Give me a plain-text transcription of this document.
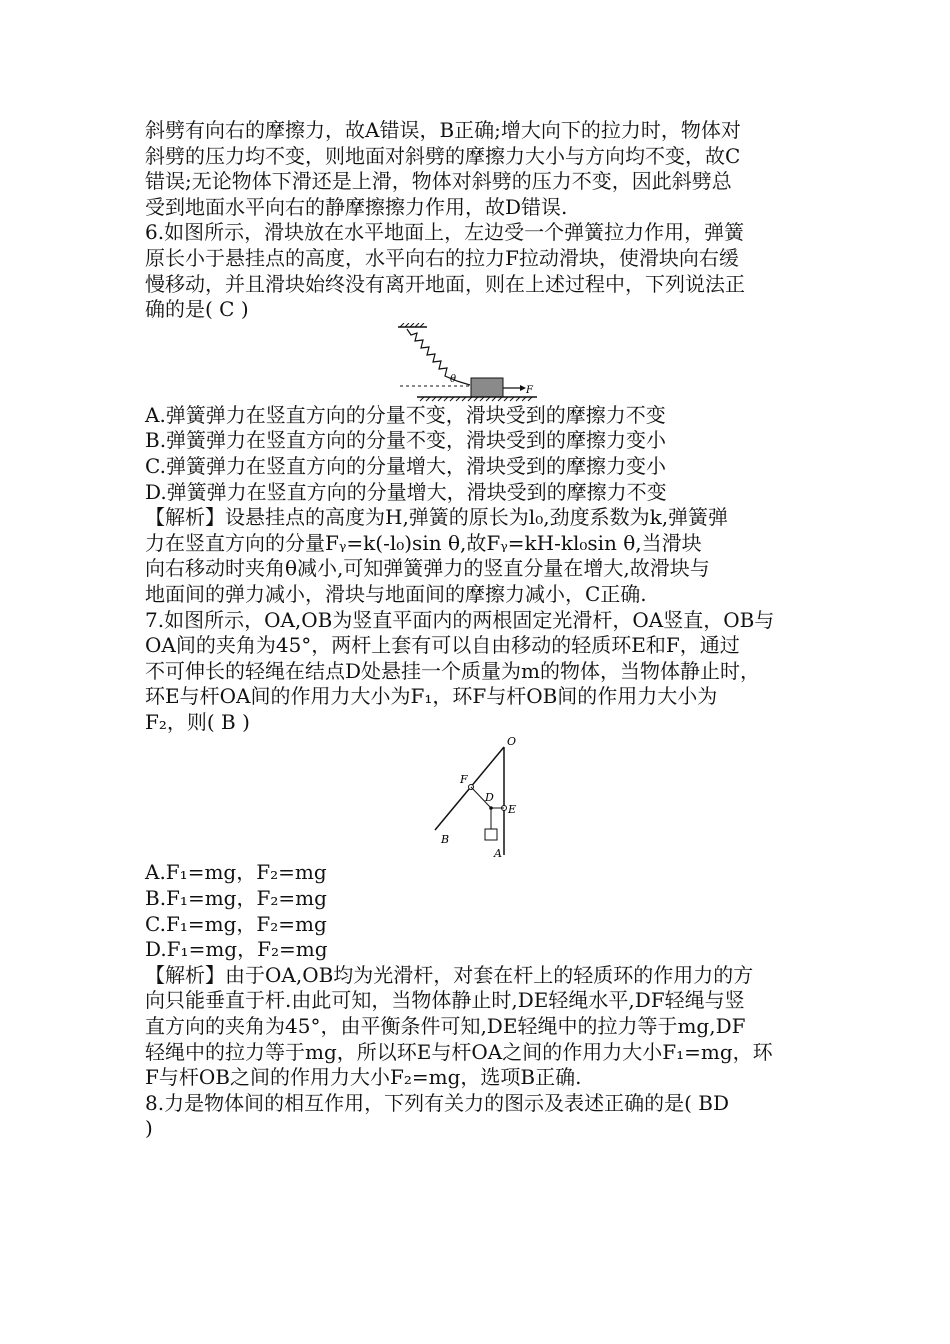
斜劈有向右的摩擦力，故A错误，B正确;增大向下的拉力时，物体对
斜劈的压力均不变，则地面对斜劈的摩擦力大小与方向均不变，故C
错误;无论物体下滑还是上滑，物体对斜劈的压力不变，因此斜劈总
受到地面水平向右的静摩擦擦力作用，故D错误.
6.如图所示，滑块放在水平地面上，左边受一个弹簧拉力作用，弹簧
原长小于悬挂点的高度，水平向右的拉力F拉动滑块，使滑块向右缓
慢移动，并且滑块始终没有离开地面，则在上述过程中，下列说法正
确的是( C )
θ
F
A.弹簧弹力在竖直方向的分量不变，滑块受到的摩擦力不变
B.弹簧弹力在竖直方向的分量不变，滑块受到的摩擦力变小
C.弹簧弹力在竖直方向的分量增大，滑块受到的摩擦力变小
D.弹簧弹力在竖直方向的分量增大，滑块受到的摩擦力不变
【解析】设悬挂点的高度为H,弹簧的原长为l₀,劲度系数为k,弹簧弹
力在竖直方向的分量Fᵧ=k(-l₀)sin θ,故Fᵧ=kH-kl₀sin θ,当滑块
向右移动时夹角θ减小,可知弹簧弹力的竖直分量在增大,故滑块与
地面间的弹力减小，滑块与地面间的摩擦力减小，C正确.
7.如图所示，OA,OB为竖直平面内的两根固定光滑杆，OA竖直，OB与
OA间的夹角为45°，两杆上套有可以自由移动的轻质环E和F，通过
不可伸长的轻绳在结点D处悬挂一个质量为m的物体，当物体静止时，
环E与杆OA间的作用力大小为F₁，环F与杆OB间的作用力大小为
F₂，则( B )
O
F
E
D
B
A
A.F₁=mg，F₂=mg
B.F₁=mg，F₂=mg
C.F₁=mg，F₂=mg
D.F₁=mg，F₂=mg
【解析】由于OA,OB均为光滑杆，对套在杆上的轻质环的作用力的方
向只能垂直于杆.由此可知，当物体静止时,DE轻绳水平,DF轻绳与竖
直方向的夹角为45°，由平衡条件可知,DE轻绳中的拉力等于mg,DF
轻绳中的拉力等于mg，所以环E与杆OA之间的作用力大小F₁=mg，环
F与杆OB之间的作用力大小F₂=mg，选项B正确.
8.力是物体间的相互作用，下列有关力的图示及表述正确的是( BD
)
